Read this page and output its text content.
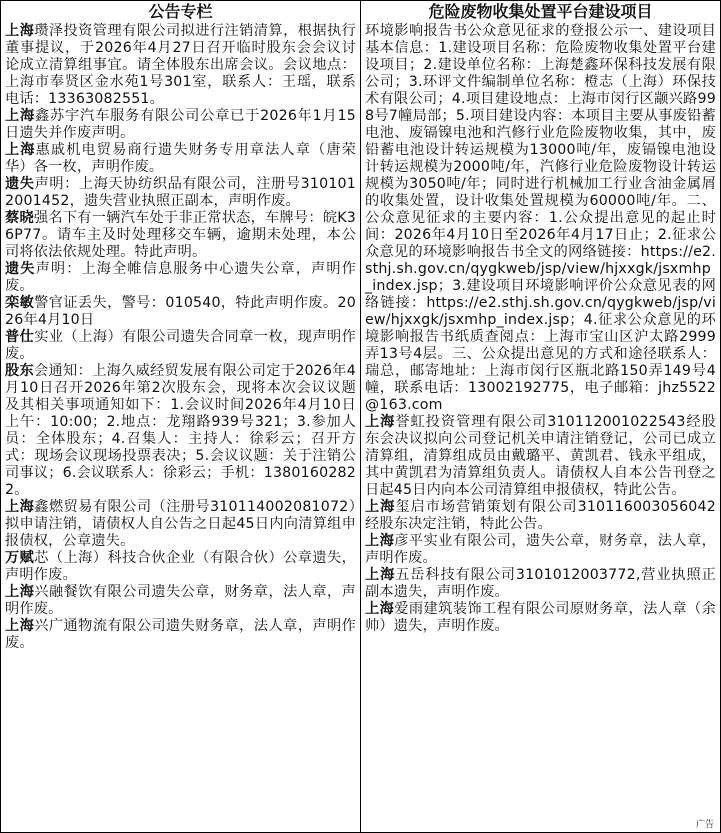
公告专栏

上海瓒泽投资管理有限公司拟进行注销清算，根据执行董事提议，于2026年4月27日召开临时股东会会议讨论成立清算组事宜。请全体股东出席会议。会议地点：上海市奉贤区金水苑1号301室，联系人：王瑶，联系电话：13363082551。

上海鑫苏宇汽车服务有限公司公章已于2026年1月15日遗失并作废声明。

上海惠戚机电贸易商行遗失财务专用章法人章（唐荣华）各一枚，声明作废。

遗失声明：上海天协纺织品有限公司，注册号310101200145​2，遗失营业执照正副本，声明作废。

蔡晓强名下有一辆汽车处于非正常状态，车牌号：皖K36P77。请车主及时处理移交车辆，逾期未处理，本公司将依法依规处理。特此声明。

遗失声明：上海全帷信息服务中心遗失公章，声明作废。

栾敏警官证丢失，警号：010540，特此声明作废。2026年4月10日

普仕实业（上海）有限公司遗失合同章一枚，现声明作废。

股东会通知：上海久威经贸发展有限公司定于2026年4月10日召开2026年第2次股东会，现将本次会议议题及其相关事项通知如下：1.会议时间2026年4月10日上午：10:00；2.地点：龙翔路939号321；3.参加人员：全体股东；4.召集人：主持人：徐彩云；召开方式：现场会议现场投票表决；5.会议议题：关于注销公司事议；6.会议联系人：徐彩云；手机：13801602822。

上海鑫燃贸易有限公司（注册号310114002081072）拟申请注销，请债权人自公告之日起45日内向清算组申报债权，公章遗失。

万赋芯（上海）科技合伙企业（有限合伙）公章遗失，声明作废。

上海兴融餐饮有限公司遗失公章，财务章，法人章，声明作废。

上海兴广通物流有限公司遗失财务章，法人章，声明作废。

危险废物收集处置平台建设项目

环境影响报告书公众意见征求的登报公示一、建设项目基本信息：1.建设项目名称：危险废物收集处置平台建设项目；2.建设单位名称：上海楚鑫环保科技发展有限公司；3.环评文件编制单位名称：橙志（上海）环保技术有限公司；4.项目建设地点：上海市闵行区颛兴路998号7幢局部；5.项目建设内容：本项目主要从事废铅蓄电池、废镉镍电池和汽修行业危险废物收集，其中，废铅蓄电池设计转运规模为13000吨/年，废镉镍电池设计转运规模为2000吨/年，汽修行业危险废物设计转运规模为3050吨/年；同时进行机械加工行业含油金属屑的收集处置，设计收集处置规模为60000吨/年。二、公众意见征求的主要内容：1.公众提出意见的起止时间：2026年4月10日至2026年4月17日止；2.征求公众意见的环境影响报告书全文的网络链接：https://e2.sthj.sh.gov.cn/qygkweb/jsp/view/hjxxgk/jsxmhp_index.jsp；3.建设项目环境影响评价公众意见表的网络链接：https://e2.sthj.sh.gov.cn/qygkweb/jsp/view/hjxxgk/jsxmhp_index.jsp；4.征求公众意见的环境影响报告书纸质查阅点：上海市宝山区沪太路2999弄13号4层。三、公众提出意见的方式和途径联系人：瑞总，邮寄地址：上海市闵行区瓶北路150弄149号4幢，联系电话：13002192775，电子邮箱：jhz5522@163.com

上海誉虹投资管理有限公司310112001022543经股东会决议拟向公司登记机关申请注销登记，公司已成立清算组，清算组成员由戴璐平、黄凯君、钱永平组成，其中黄凯君为清算组负责人。请债权人自本公告刊登之日起45日内向本公司清算组申报债权，特此公告。

上海玺启市场营销策划有限公司310116003056042经股东决定注销，特此公告。

上海彦平实业有限公司，遗失公章，财务章，法人章，声明作废。

上海五岳科技有限公司3101012003772,营业执照正副本遗失，声明作废。

上海爱雨建筑装饰工程有限公司原财务章，法人章（余帅）遗失，声明作废。

广告
